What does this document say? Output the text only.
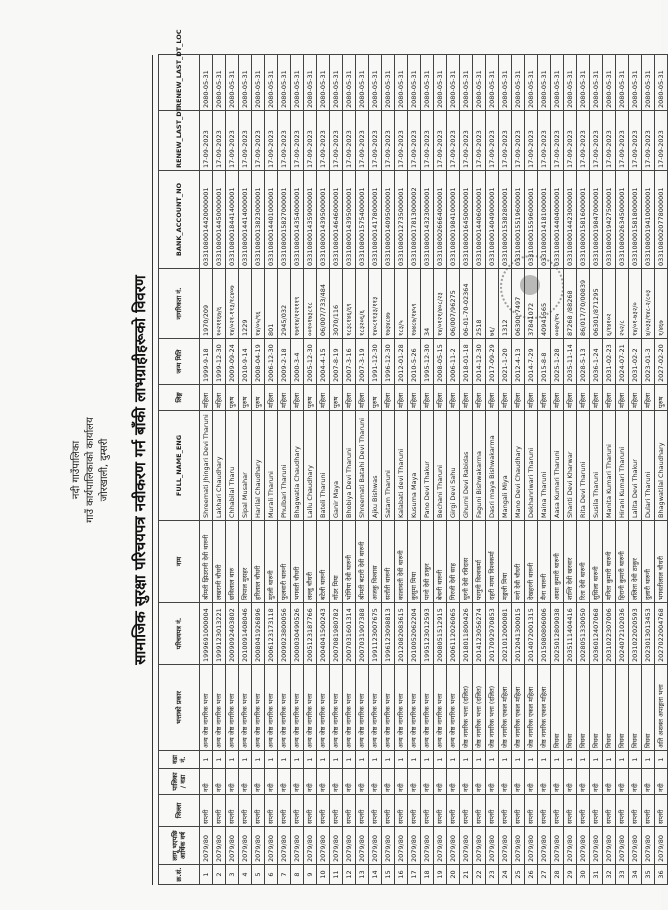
नदी गाउँपालिका गाउँ कार्यपालिकाको कार्यालय जोरखाली, दुम्सरी सामाजिक सुरक्षा परिचयपत्र नवीकरण गर्न बाँकी लाभग्राहीहरूको विवरण
क्र.सं.	लागू भएपछि आर्थिक वर्ष	जिल्ला	पालिका / वडा	वडा नं.	भत्ताको प्रकार	परिचयपत्र नं.	नाम	FULL_NAME_ENG	लिङ्ग	जन्म मिति	नागरिकता नं.	BANK_ACCOUNT_NO	RENEW_LAST_DT	RENEW_LAST_DT_LOC
1	2079/80	सप्तरी	नदी	1	अन्य जेष्ठ नागरिक भत्ता	1999691000004	श्रीमती झिउरानी देवी थारुनी	Shreemati Jhingari Devi Tharuni	महिला	1999-9-18	1970/209	0331080014420000001	17-09-2023	2080-05-31
2	2079/80	सप्तरी	नदी	1	अन्य जेष्ठ नागरिक भत्ता	1999123013221	लखरानी चौधरी	Lakhari Chaudhary	महिला	1999-12-30	१०२११६७/६	0331080014450000001	17-09-2023	2080-05-31
3	2079/80	सप्तरी	नदी	1	अन्य जेष्ठ नागरिक भत्ता	2009092403802	छविलाल थारु	Chhabilal Tharu	पुरुष	2009-09-24	१४/०२१-११३/१८४०७	0331080018441400001	17-09-2023	2080-05-31
4	2079/80	सप्तरी	नदी	1	अन्य जेष्ठ नागरिक भत्ता	2010091408046	शिपाल मुसहर	Sipal Musahar	पुरुष	2010-9-14	1229	0331080014414000001	17-09-2023	2080-05-31
5	2079/80	सप्तरी	नदी	1	अन्य जेष्ठ नागरिक भत्ता	2008041926896	हरिलाल चौधरी	Harilal Chaudhary	पुरुष	2008-04-19	१४/०५/९६	0331080013823000001	17-09-2023	2080-05-31
6	2079/80	सप्तरी	नदी	1	अन्य जेष्ठ नागरिक भत्ता	2006123173118	मुरली थारुनी	Murali Tharuni	महिला	2006-12-30	801	0331080014401000001	17-09-2023	2080-05-31
7	2079/80	सप्तरी	नदी	1	अन्य जेष्ठ नागरिक भत्ता	2009023800056	फुलवारी थारुनी	Phulbari Tharuni	महिला	2009-2-18	2945/032	0331080015827000001	17-09-2023	2080-05-31
8	2079/80	सप्तरी	नदी	1	अन्य जेष्ठ नागरिक भत्ता	2000030490526	भगवती चौधरी	Bhagwatia Chaudhary	महिला	2000-3-4	१७११४/१२१११९	0331080014354000001	17-09-2023	2080-05-31
9	2079/80	सप्तरी	नदी	1	अन्य जेष्ठ नागरिक भत्ता	2005123187766	लल्लु चौधरी	Lallu Chaudhary	पुरुष	2005-12-30	००१०१७३८१८	0331080014359000001	17-09-2023	2080-05-31
10	2079/80	सप्तरी	नदी	1	अन्य जेष्ठ नागरिक भत्ता	2004041500243	बटेली थारुनी	Bateli Tharuni	महिला	2004-4-15	06/007/733/484	0331080014395000001	17-09-2023	2080-05-31
11	2079/80	सप्तरी	नदी	1	अन्य जेष्ठ नागरिक भत्ता	2007081980782	गाँउर मिया	Ganir Maya	पुरुष	2007-8-19	3070/116	0331080014646000001	17-09-2023	2080-05-31
12	2079/80	सप्तरी	नदी	1	अन्य जेष्ठ नागरिक भत्ता	2007031601314	भोगिया देवी थारुनी	Bhobiya Devi Tharuni	महिला	2007-3-16	१८३८१४६/६९	0331080014395000001	17-09-2023	2080-05-31
13	2079/80	सप्तरी	नदी	1	अन्य जेष्ठ नागरिक भत्ता	2007031907388	श्रीमती बटारी देवी थारुनी	Shreemati Batahi Devi Tharuni	महिला	2007-3-19	१८३२०६/६	0331080015754000001	17-09-2023	2080-05-31
14	2079/80	सप्तरी	नदी	1	अन्य जेष्ठ नागरिक भत्ता	1991123007675	अजकु विश्वास	Ajku Bishwas	पुरुष	1991-12-30	१४०८११३३/११३	0331080014178000001	17-09-2023	2080-05-31
15	2079/80	सप्तरी	नदी	1	अन्य जेष्ठ नागरिक भत्ता	1996123098813	सताँती थारुनी	Satam Tharuni	महिला	1996-12-30	१७३४८४७	0331080014095000001	17-09-2023	2080-05-31
16	2079/80	सप्तरी	नदी	1	अन्य जेष्ठ नागरिक भत्ता	2012082083615	कालावती देवी थारुनी	Kalabati devi Tharuni	महिला	2012-01-28	१८३/५	0331080012735000001	17-09-2023	2080-05-31
17	2079/80	सप्तरी	नदी	1	अन्य जेष्ठ नागरिक भत्ता	2010052062204	कुसुमा मिया	Kusuma Maya	महिला	2010-5-26	१७४८७/१४५९	0331080017813000002	17-09-2023	2080-05-31
18	2079/80	सप्तरी	नदी	1	अन्य जेष्ठ नागरिक भत्ता	1995123012593	पानो देवी ठाकुर	Pano Devi Thakur	महिला	1995-12-30	34	0331080014323000001	17-09-2023	2080-05-31
19	2079/80	सप्तरी	नदी	1	अन्य जेष्ठ नागरिक भत्ता	2008051512915	बेचनी थारुनी	Bechani Tharuni	महिला	2008-05-15	१४/०१२१/४०८/२३	0331080026664000001	17-09-2023	2080-05-31
20	2079/80	सप्तरी	नदी	1	अन्य जेष्ठ नागरिक भत्ता	2006112026065	गिरजी देवी साह	Girgi Devi Sahu	महिला	2006-11-2	06/007/96275	0331080019841000001	17-09-2023	2080-05-31
21	2079/80	सप्तरी	नदी	1	जेष्ठ नागरिक भत्ता (दलित)	2018011800426	घुरनी देवी रविदास	Ghurni Devi Rabidas	महिला	2018-01-18	06-01-70-02364	0331080016450000001	17-09-2023	2080-05-31
22	2079/80	सप्तरी	नदी	1	जेष्ठ नागरिक भत्ता (दलित)	2014123056274	फागुनी विश्वकर्मा	Faguni Bishwakarma	महिला	2014-12-30	2518	0331080014406000001	17-09-2023	2080-05-31
23	2079/80	सप्तरी	नदी	1	जेष्ठ नागरिक भत्ता (दलित)	2017092970853	दहरी माया विश्वकर्मा	Dasri maya Bishwakarma	महिला	2017-09-29	७६/	0331080014049000001	17-09-2023	2080-05-31
24	2079/80	सप्तरी	नदी	1	जेष्ठ नागरिक एकल महिला	2021012000081	मङ्गली मिया	Mangali Miya	महिला	2021-1-20	1312	0331080015382800001	17-09-2023	2080-05-31
25	2079/80	सप्तरी	नदी	1	जेष्ठ नागरिक एकल महिला	2012041300015	मनो देवी चौधरी	Mano Devi Chaudhary	महिला	2012-4-13	06300 7497	0331080015519600001	17-09-2023	2080-05-31
26	2079/80	सप्तरी	नदी	1	जेष्ठ नागरिक एकल महिला	2014072001315	देखहरनी थारुनी	Dekhanriwari Tharuni	महिला	2014-7-29	37841072	0331080015596000001	17-09-2023	2080-05-31
27	2079/80	सप्तरी	नदी	1	जेष्ठ नागरिक एकल महिला	2015080806006	मैना थारुनी	Maina Tharuni	महिला	2015-8-8	40941565	0331080014181000001	17-09-2023	2080-05-31
28	2079/80	सप्तरी	नदी	1	विधवा	2025012809038	आशा कुमारी थारुनी	Aasa Kumari Tharuni	महिला	2025-1-28	००४५/१५	0331080014404000001	17-09-2023	2080-05-31
29	2079/80	सप्तरी	नदी	1	विधवा	2035111404416	शान्ति देवी खरवार	Shanti Devi Kharwar	महिला	2035-11-14	87268 /88268	0331080014423000001	17-09-2023	2080-05-31
30	2079/80	सप्तरी	नदी	1	विधवा	2028051330050	रिता देवी थारुनी	Rita Devi Tharuni	महिला	2028-5-13	86/017/70/00839	0331080015816000001	17-09-2023	2080-05-31
31	2079/80	सप्तरी	नदी	1	विधवा	2036012407068	सुसिला थारुनी	Susila Tharuni	महिला	2036-1-24	06301/871295	0331080019847000001	17-09-2023	2080-05-31
32	2079/80	सप्तरी	नदी	1	विधवा	2031022307006	मनिता कुमारी थारुनी	Manita Kumari Tharuni	महिला	2031-02-23	६/१४१०२	0331080019427500001	17-09-2023	2080-05-31
33	2079/80	सप्तरी	नदी	1	विधवा	2024072102036	हिरानी कुमारी थारुनी	Hirani Kumari Tharuni	महिला	2024-07-21	२५२/८	0331080026345000001	17-09-2023	2080-05-31
34	2079/80	सप्तरी	नदी	1	विधवा	2031022020593	ललिता देवी ठाकुर	Lalita Devi Thakur	महिला	2031-02-2	१४/०१-७३२/०	0331080015818000001	17-09-2023	2080-05-31
35	2079/80	सप्तरी	नदी	1	विधवा	2023013013453	दुलारी थारुनी	Dulari Tharuni	महिला	2023-01-3	४/०३३/१४८-२/८०३	0331080019410000001	17-09-2023	2080-05-31
36	2079/80	सप्तरी	नदी	1	अति अशक्त अपाङ्गता भत्ता	2027022004768	भगवतीलाल चौधरी	Bhagwatilal Chaudhary	पुरुष	2027-02-20	१/४६७	0331080020778000001	17-09-2023	2080-05-31
